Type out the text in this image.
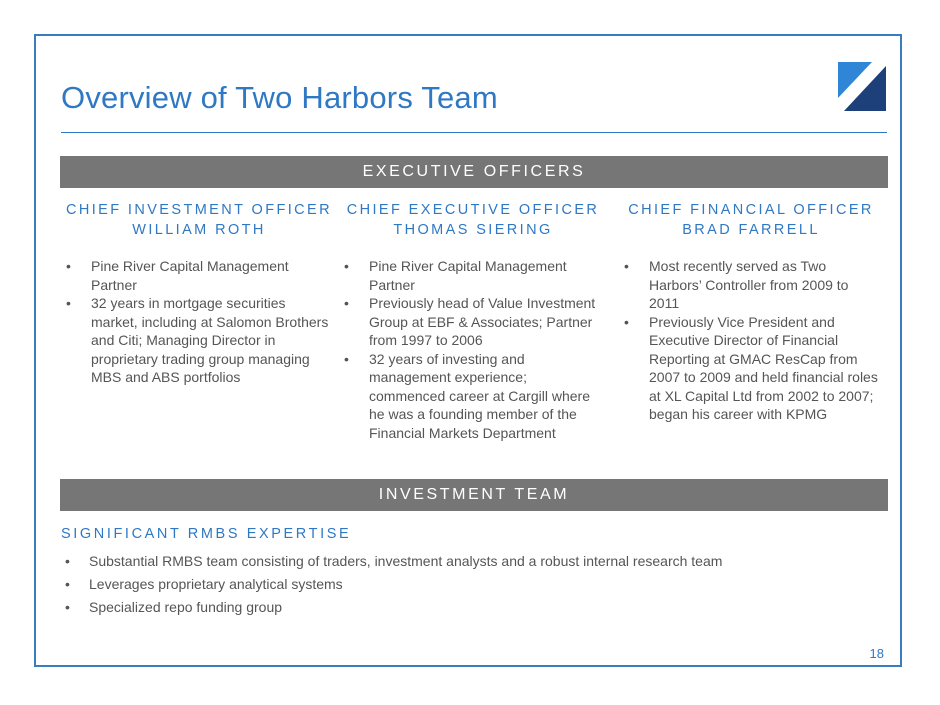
Overview of Two Harbors Team
EXECUTIVE OFFICERS
CHIEF INVESTMENT OFFICER
WILLIAM ROTH
• Pine River Capital Management Partner
• 32 years in mortgage securities market, including at Salomon Brothers and Citi; Managing Director in proprietary trading group managing MBS and ABS portfolios
CHIEF EXECUTIVE OFFICER
THOMAS SIERING
• Pine River Capital Management Partner
• Previously head of Value Investment Group at EBF & Associates; Partner from 1997 to 2006
• 32 years of investing and management experience; commenced career at Cargill where he was a founding member of the Financial Markets Department
CHIEF FINANCIAL OFFICER
BRAD FARRELL
• Most recently served as Two Harbors’ Controller from 2009 to 2011
• Previously Vice President and Executive Director of Financial Reporting at GMAC ResCap from 2007 to 2009 and held financial roles at XL Capital Ltd from 2002 to 2007; began his career with KPMG
INVESTMENT TEAM
SIGNIFICANT RMBS EXPERTISE
• Substantial RMBS team consisting of traders, investment analysts and a robust internal research team
• Leverages proprietary analytical systems
• Specialized repo funding group
18
